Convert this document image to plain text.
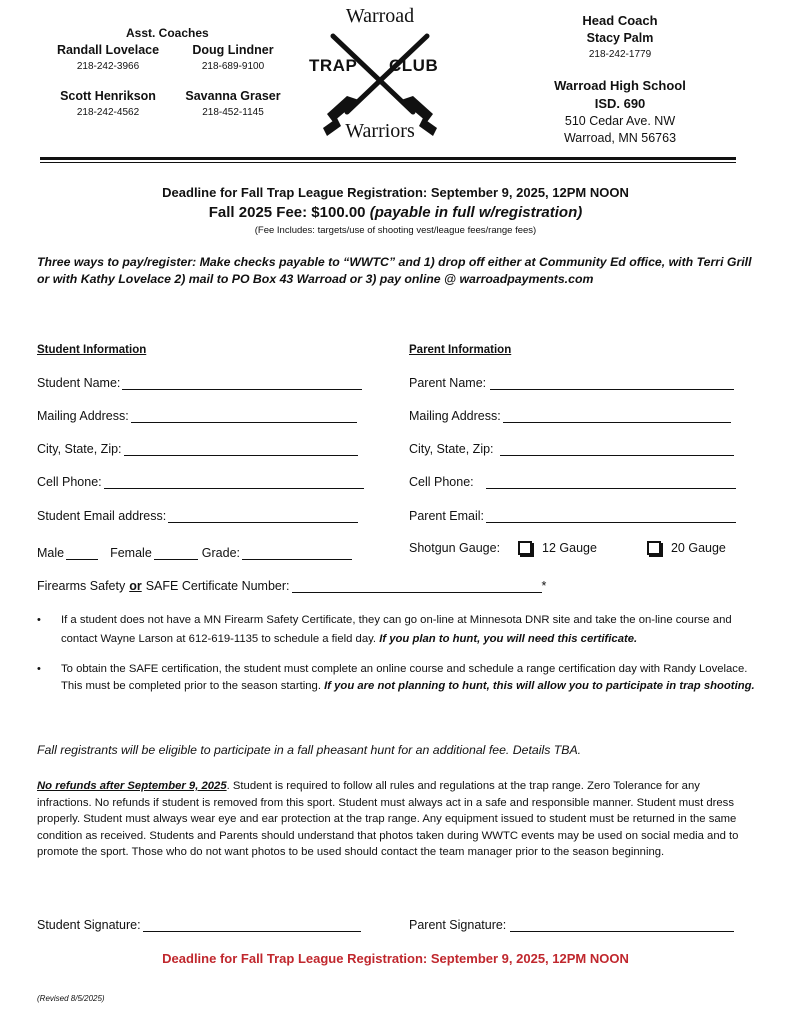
Asst. Coaches
Randall Lovelace
218-242-3966
Doug Lindner
218-689-9100
Scott Henrikson
218-242-4562
Savanna Graser
218-452-1145
Warroad
TRAP CLUB
Warriors
Head Coach
Stacy Palm
218-242-1779
Warroad High School
ISD. 690
510 Cedar Ave. NW
Warroad, MN 56763
Deadline for Fall Trap League Registration: September 9, 2025, 12PM NOON
Fall 2025 Fee: $100.00 (payable in full w/registration)
(Fee Includes: targets/use of shooting vest/league fees/range fees)
Three ways to pay/register: Make checks payable to “WWTC” and 1) drop off either at Community Ed office, with Terri Grill or with Kathy Lovelace 2) mail to PO Box 43 Warroad or 3) pay online @ warroadpayments.com
Student Information	Parent Information
Student Name:
Mailing Address:
City, State, Zip:
Cell Phone:
Student Email address:
Male	Female	Grade:
Parent Name:
Mailing Address:
City, State, Zip:
Cell Phone:
Parent Email:
Shotgun Gauge:	12 Gauge	20 Gauge
Firearms Safety or SAFE Certificate Number:	*
•	If a student does not have a MN Firearm Safety Certificate, they can go on-line at Minnesota DNR site and take the on-line course and contact Wayne Larson at 612-619-1135 to schedule a field day. If you plan to hunt, you will need this certificate.
•	To obtain the SAFE certification, the student must complete an online course and schedule a range certification day with Randy Lovelace. This must be completed prior to the season starting. If you are not planning to hunt, this will allow you to participate in trap shooting.
Fall registrants will be eligible to participate in a fall pheasant hunt for an additional fee. Details TBA.
No refunds after September 9, 2025. Student is required to follow all rules and regulations at the trap range. Zero Tolerance for any infractions. No refunds if student is removed from this sport. Student must always act in a safe and responsible manner. Student must dress properly. Student must always wear eye and ear protection at the trap range. Any equipment issued to student must be returned in the same condition as received. Students and Parents should understand that photos taken during WWTC events may be used on social media and to promote the sport. Those who do not want photos to be used should contact the team manager prior to the season beginning.
Student Signature:	Parent Signature:
Deadline for Fall Trap League Registration: September 9, 2025, 12PM NOON
(Revised 8/5/2025)
